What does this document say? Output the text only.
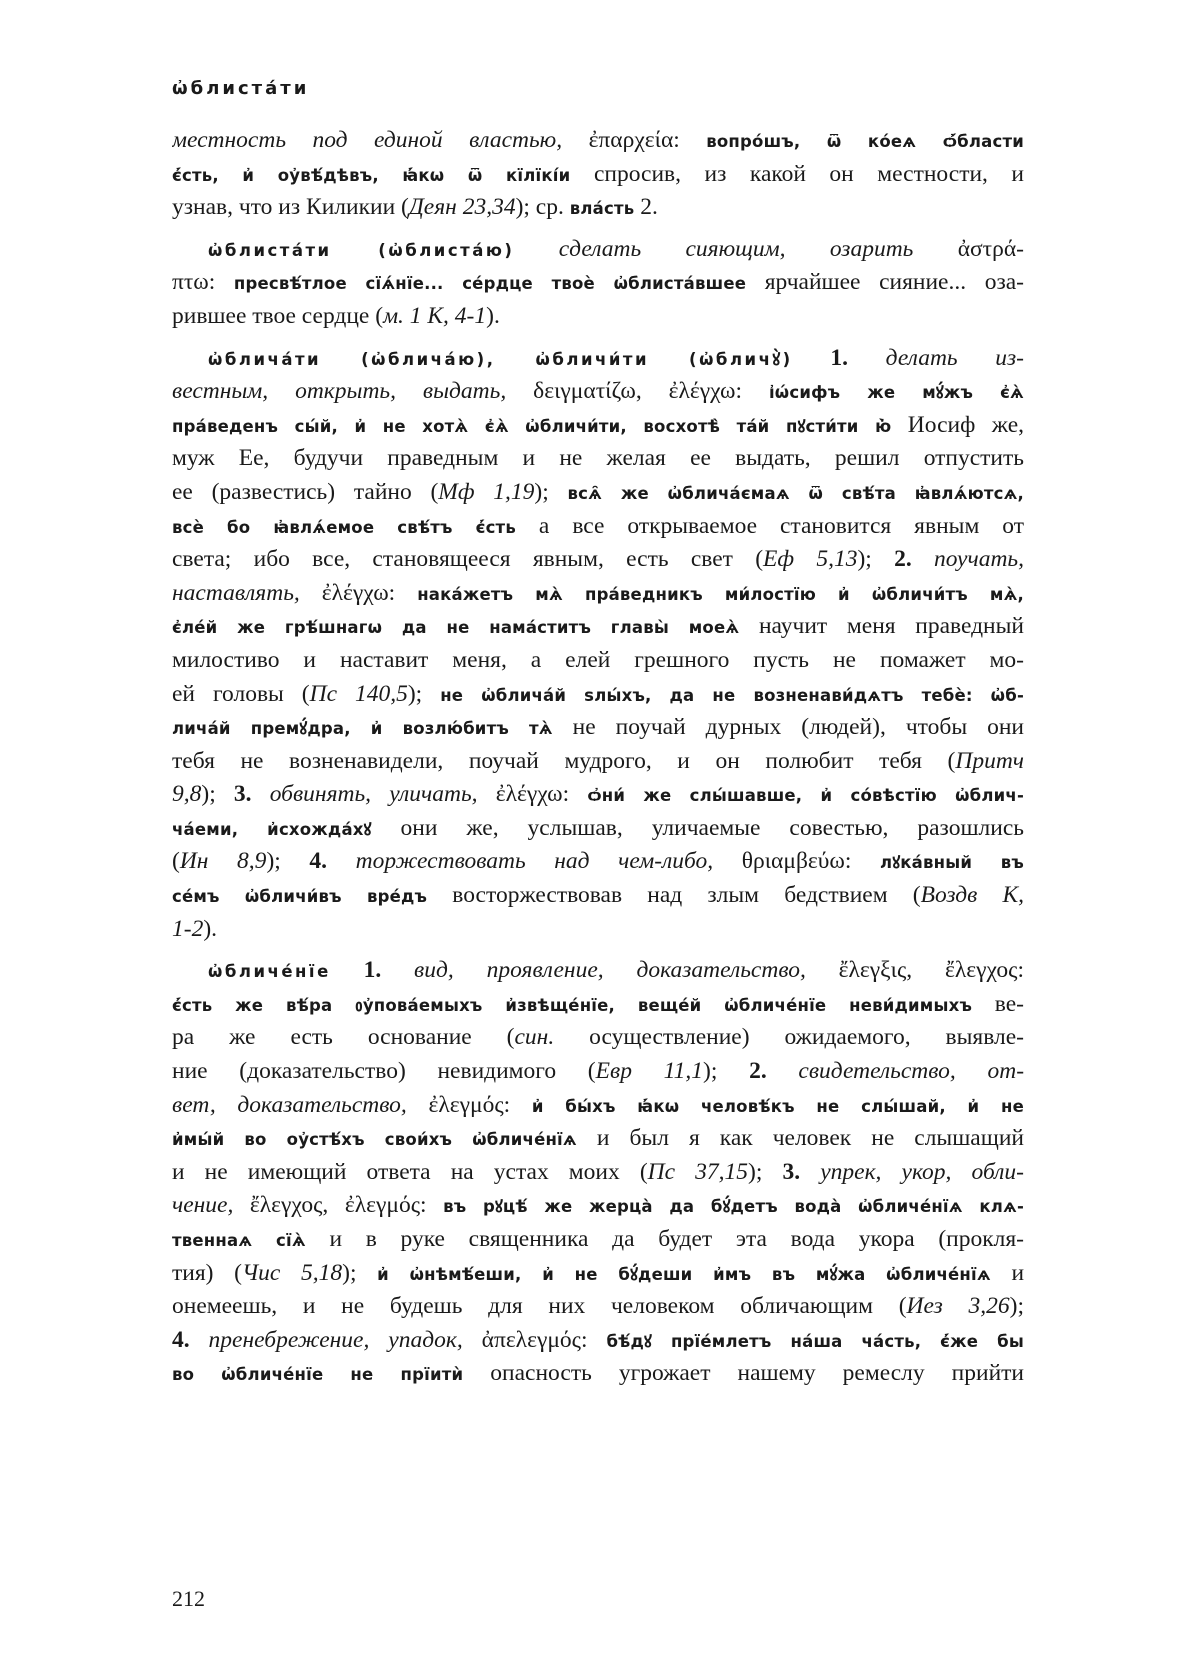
ѡ҆блиста́ти
местность под единой властью, ἐπαρχεία: вопро́шъ, ѿ ко́еѧ ѻ҆́бласти
є҆́сть, и҆ оу҆вѣ́дѣвъ, ꙗ҆́кѡ ѿ кїлїкі́и спросив, из какой он местности, и
узнав, что из Киликии (Деян 23,34); ср. вла́сть 2.
ѡ҆блиста́ти (ѡ҆блиста́ю) сделать сияющим, озарить ἀστρά-
πτω: пресвѣ́тлое сїѧ́нїе... се́рдце твоѐ ѡ҆блиста́вшее ярчайшее сияние... оза-
рившее твое сердце (м. 1 К, 4-1).
ѡ҆блича́ти (ѡ҆блича́ю), ѡ҆бличи́ти (ѡ҆бличꙋ̀) 1. делать из-
вестным, открыть, выдать, δειγματίζω, ἐλέγχω: і҆ѡ́сифъ же мꙋ́жъ є҆ѧ̀
пра́веденъ сы́й, и҆ не хотѧ̀ є҆ѧ̀ ѡ҆бличи́ти, восхотѣ̀ та́й пꙋсти́ти ю҆̀ Иосиф же,
муж Ее, будучи праведным и не желая ее выдать, решил отпустить
ее (развестись) тайно (Мф 1,19); всѧ̑ же ѡ҆блича́ємаѧ ѿ свѣ́та ꙗ҆влѧ́ютсѧ,
всѐ бо ꙗ҆влѧ́емое свѣ́тъ є҆́сть а все открываемое становится явным от
света; ибо все, становящееся явным, есть свет (Еф 5,13); 2. поучать,
наставлять, ἐλέγχω: нака́жетъ мѧ̀ пра́ведникъ ми́лостїю и҆ ѡ҆бличи́тъ мѧ̀,
є҆ле́й же грѣ́шнагѡ да не нама́ститъ главы̀ моеѧ̀ научит меня праведный
милостиво и наставит меня, а елей грешного пусть не помажет мо-
ей головы (Пс 140,5); не ѡ҆блича́й ѕлы́хъ, да не возненави́дѧтъ тебѐ: ѡ҆б-
лича́й премꙋ́дра, и҆ возлю́битъ тѧ̀ не поучай дурных (людей), чтобы они
тебя не возненавидели, поучай мудрого, и он полюбит тебя (Притч
9,8); 3. обвинять, уличать, ἐλέγχω: ѻ҆ни́ же слы́шавше, и҆ со́вѣстїю ѡ҆блич-
ча́еми, и҆схожда́хꙋ они же, услышав, уличаемые совестью, разошлись
(Ин 8,9); 4. торжествовать над чем-либо, θριαμβεύω: лꙋка́вный въ
се́мъ ѡ҆бличи́въ вре́дъ восторжествовав над злым бедствием (Воздв К,
1-2).
ѡ҆бличе́нїе 1. вид, проявление, доказательство, ἔλεγξις, ἔλεγχος:
є҆́сть же вѣ́ра ᲂу҆пова́емыхъ и҆звѣще́нїе, веще́й ѡ҆бличе́нїе неви́димыхъ ве-
ра же есть основание (син. осуществление) ожидаемого, выявле-
ние (доказательство) невидимого (Евр 11,1); 2. свидетельство, от-
вет, доказательство, ἐλεγμός: и҆ бы́хъ ꙗ҆́кѡ человѣ́къ не слы́шай, и҆ не
и҆мы́й во оу҆стѣ́хъ свои́хъ ѡ҆бличе́нїѧ и был я как человек не слышащий
и не имеющий ответа на устах моих (Пс 37,15); 3. упрек, укор, обли-
чение, ἔλεγχος, ἐλεγμός: въ рꙋцѣ́ же жерца̀ да бꙋ́детъ вода̀ ѡ҆бличе́нїѧ клѧ-
твеннаѧ сїѧ̀ и в руке священника да будет эта вода укора (прокля-
тия) (Чис 5,18); и҆ ѡ҆нѣмѣ́еши, и҆ не бꙋ́деши и҆мъ въ мꙋ́жа ѡ҆бличе́нїѧ и
онемеешь, и не будешь для них человеком обличающим (Иез 3,26);
4. пренебрежение, упадок, ἀπελεγμός: бѣ́дꙋ прїе́млетъ на́ша ча́сть, є҆́же бы
во ѡ҆бличе́нїе не прїитѝ опасность угрожает нашему ремеслу прийти
212
